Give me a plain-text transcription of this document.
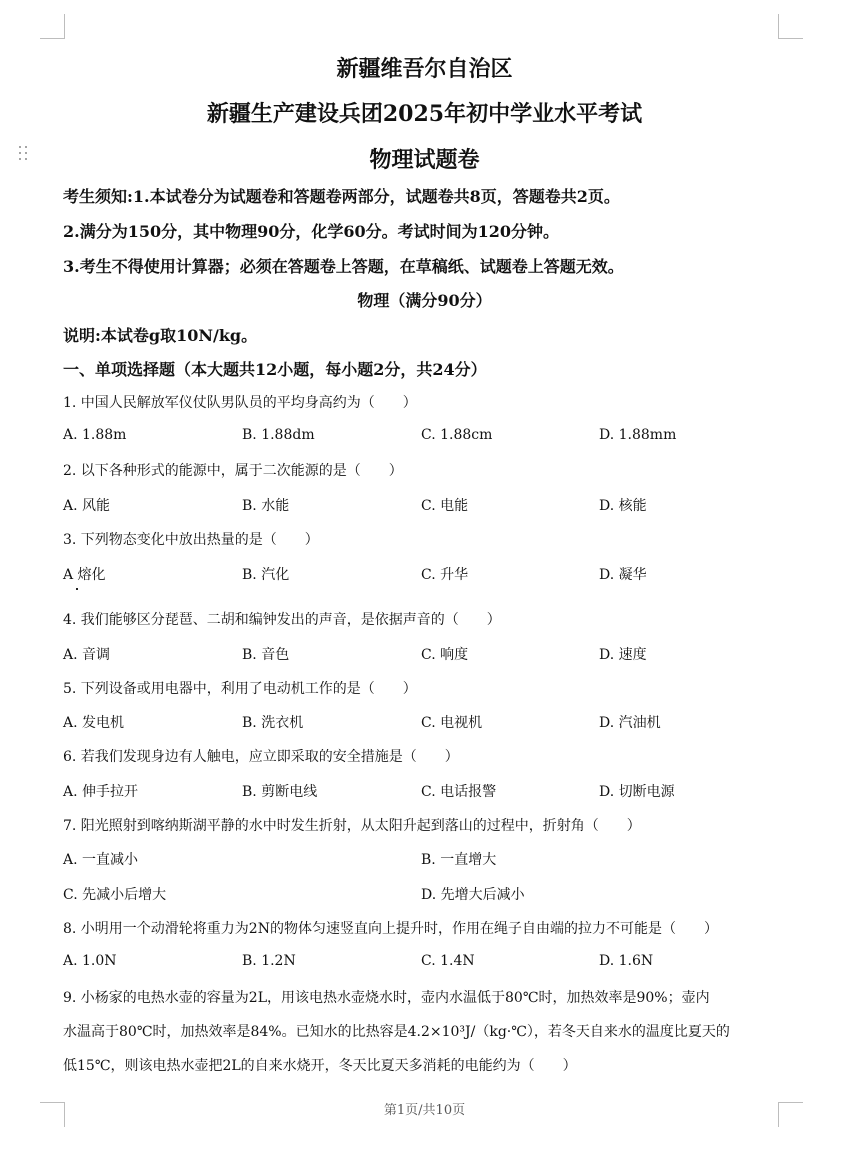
新疆维吾尔自治区
新疆生产建设兵团2025年初中学业水平考试
物理试题卷
考生须知:1.本试卷分为试题卷和答题卷两部分，试题卷共8页，答题卷共2页。
2.满分为150分，其中物理90分，化学60分。考试时间为120分钟。
3.考生不得使用计算器；必须在答题卷上答题，在草稿纸、试题卷上答题无效。
物理（满分90分）
说明:本试卷g取10N/kg。
一、单项选择题（本大题共12小题，每小题2分，共24分）
1. 中国人民解放军仪仗队男队员的平均身高约为（　　）
A. 1.88m	B. 1.88dm	C. 1.88cm	D. 1.88mm
2. 以下各种形式的能源中，属于二次能源的是（　　）
A. 风能	B. 水能	C. 电能	D. 核能
3. 下列物态变化中放出热量的是（　　）
A 熔化	B. 汽化	C. 升华	D. 凝华
4. 我们能够区分琵琶、二胡和编钟发出的声音，是依据声音的（　　）
A. 音调	B. 音色	C. 响度	D. 速度
5. 下列设备或用电器中，利用了电动机工作的是（　　）
A. 发电机	B. 洗衣机	C. 电视机	D. 汽油机
6. 若我们发现身边有人触电，应立即采取的安全措施是（　　）
A. 伸手拉开	B. 剪断电线	C. 电话报警	D. 切断电源
7. 阳光照射到喀纳斯湖平静的水中时发生折射，从太阳升起到落山的过程中，折射角（　　）
A. 一直减小	B. 一直增大
C. 先减小后增大	D. 先增大后减小
8. 小明用一个动滑轮将重力为2N的物体匀速竖直向上提升时，作用在绳子自由端的拉力不可能是（　　）
A. 1.0N	B. 1.2N	C. 1.4N	D. 1.6N
9. 小杨家的电热水壶的容量为2L，用该电热水壶烧水时，壶内水温低于80℃时，加热效率是90%；壶内
水温高于80℃时，加热效率是84%。已知水的比热容是4.2×10³J/（kg·℃），若冬天自来水的温度比夏天的
低15℃，则该电热水壶把2L的自来水烧开，冬天比夏天多消耗的电能约为（　　）
第1页/共10页
